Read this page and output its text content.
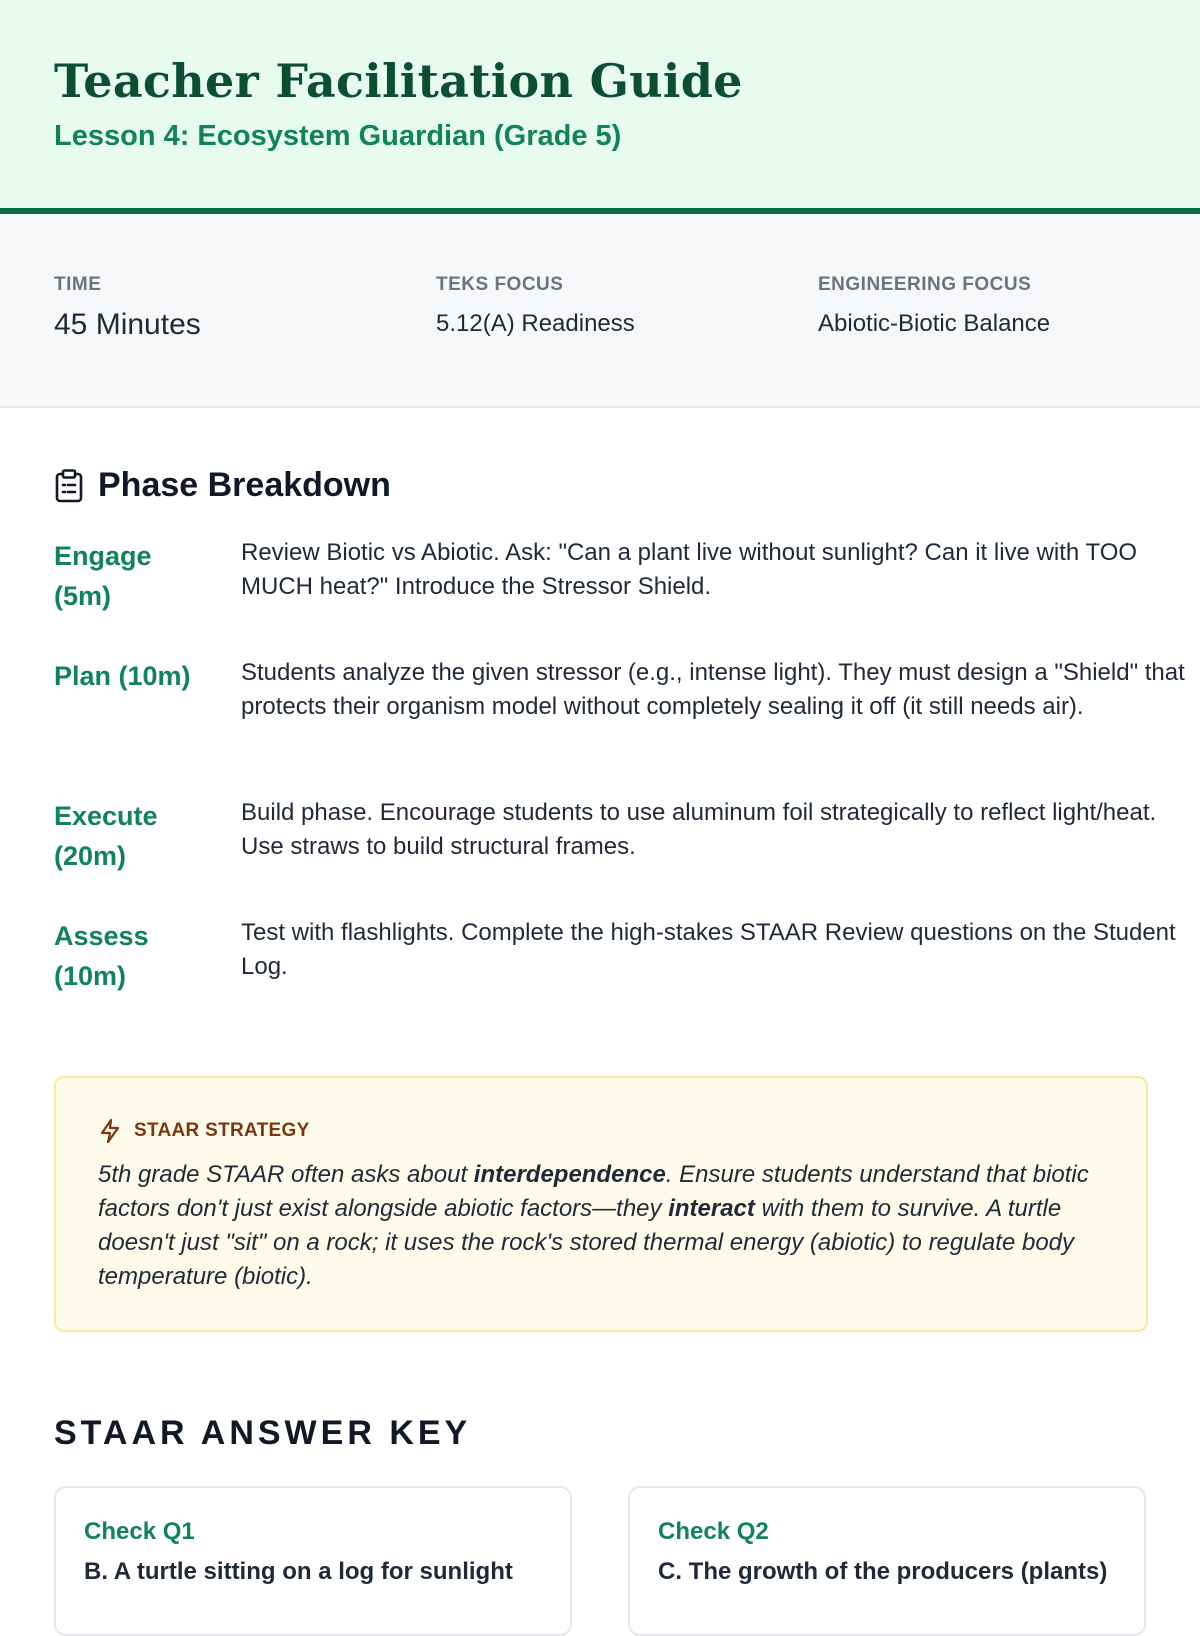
Teacher Facilitation Guide
Lesson 4: Ecosystem Guardian (Grade 5)
TIME
45 Minutes
TEKS FOCUS
5.12(A) Readiness
ENGINEERING FOCUS
Abiotic-Biotic Balance
Phase Breakdown
Engage (5m)
Review Biotic vs Abiotic. Ask: "Can a plant live without sunlight? Can it live with TOO MUCH heat?" Introduce the Stressor Shield.
Plan (10m)	Students analyze the given stressor (e.g., intense light). They must design a "Shield" that protects their organism model without completely sealing it off (it still needs air).
Execute (20m)
Build phase. Encourage students to use aluminum foil strategically to reflect light/heat. Use straws to build structural frames.
Assess (10m)
Test with flashlights. Complete the high-stakes STAAR Review questions on the Student Log.
STAAR STRATEGY
5th grade STAAR often asks about interdependence. Ensure students understand that biotic factors don't just exist alongside abiotic factors—they interact with them to survive. A turtle doesn't just "sit" on a rock; it uses the rock's stored thermal energy (abiotic) to regulate body temperature (biotic).
STAAR ANSWER KEY
Check Q1
B. A turtle sitting on a log for sunlight
Check Q2
C. The growth of the producers (plants)
